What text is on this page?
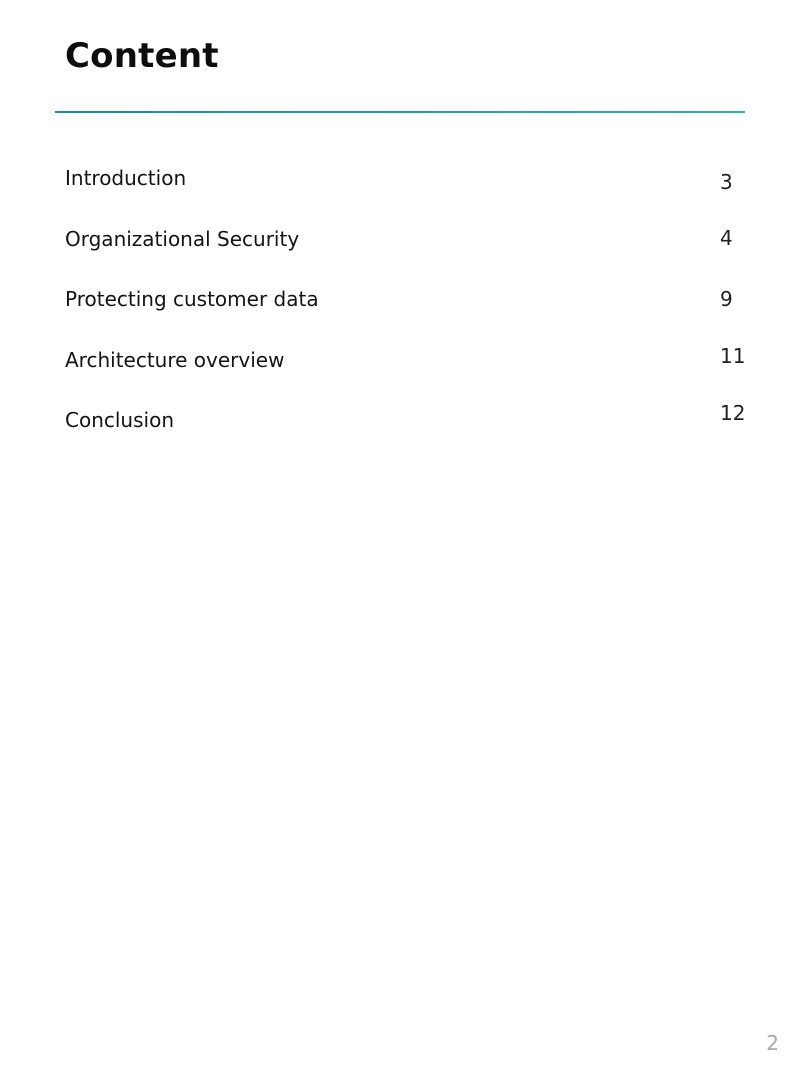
Content
Introduction	3
Organizational Security	4
Protecting customer data	9
Architecture overview	11
Conclusion	12
2
